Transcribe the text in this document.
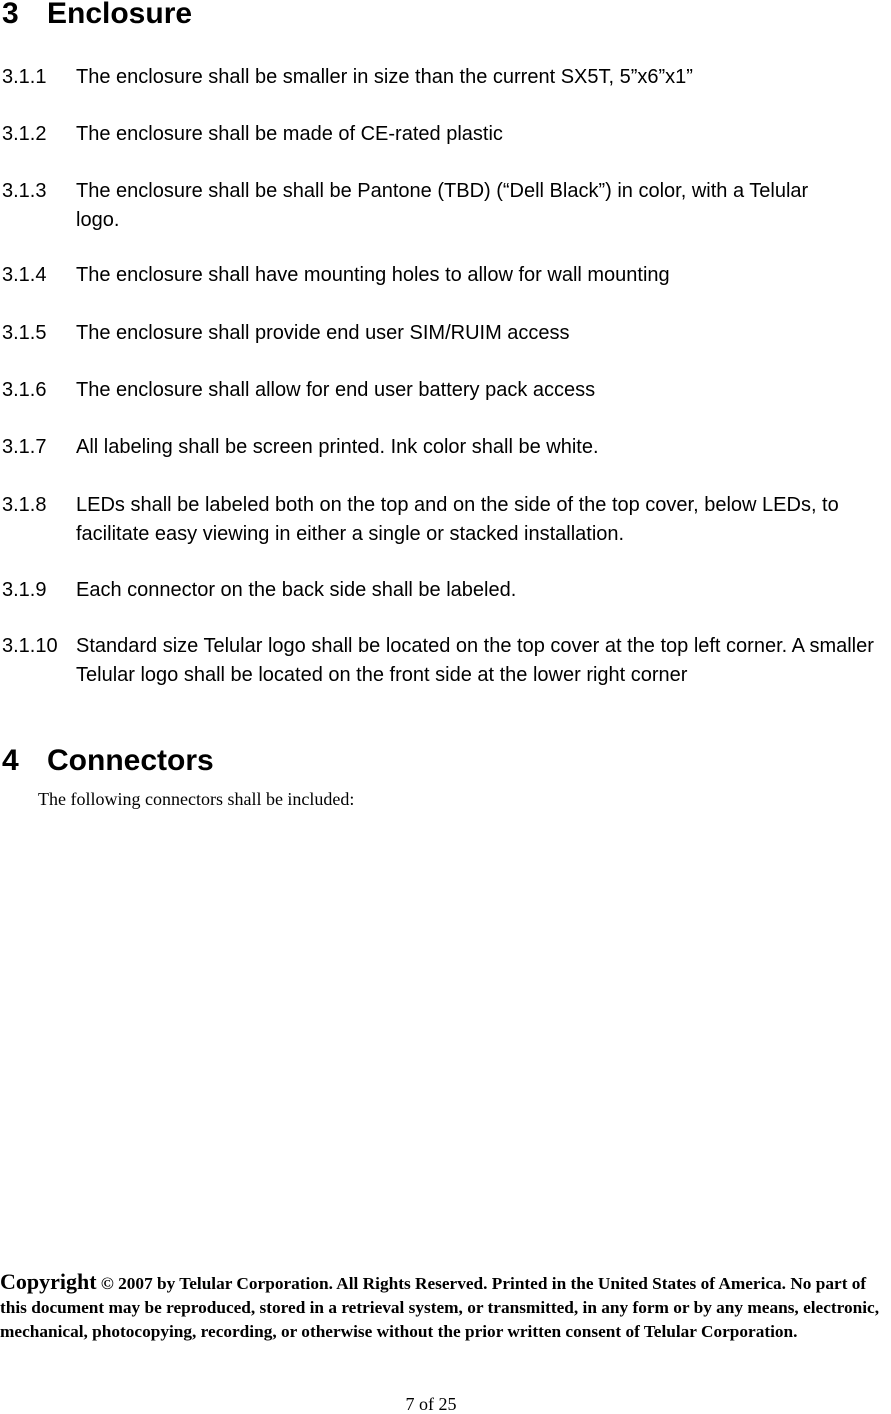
3 Enclosure
3.1.1 The enclosure shall be smaller in size than the current SX5T, 5”x6”x1”
3.1.2 The enclosure shall be made of CE-rated plastic
3.1.3 The enclosure shall be shall be Pantone (TBD) (“Dell Black”) in color, with a Telular logo.
3.1.4 The enclosure shall have mounting holes to allow for wall mounting
3.1.5 The enclosure shall provide end user SIM/RUIM access
3.1.6 The enclosure shall allow for end user battery pack access
3.1.7 All labeling shall be screen printed. Ink color shall be white.
3.1.8 LEDs shall be labeled both on the top and on the side of the top cover, below LEDs, to facilitate easy viewing in either a single or stacked installation.
3.1.9 Each connector on the back side shall be labeled.
3.1.10 Standard size Telular logo shall be located on the top cover at the top left corner. A smaller Telular logo shall be located on the front side at the lower right corner
4 Connectors
The following connectors shall be included:
Copyright © 2007 by Telular Corporation. All Rights Reserved. Printed in the United States of America. No part of this document may be reproduced, stored in a retrieval system, or transmitted, in any form or by any means, electronic, mechanical, photocopying, recording, or otherwise without the prior written consent of Telular Corporation.
7 of 25
